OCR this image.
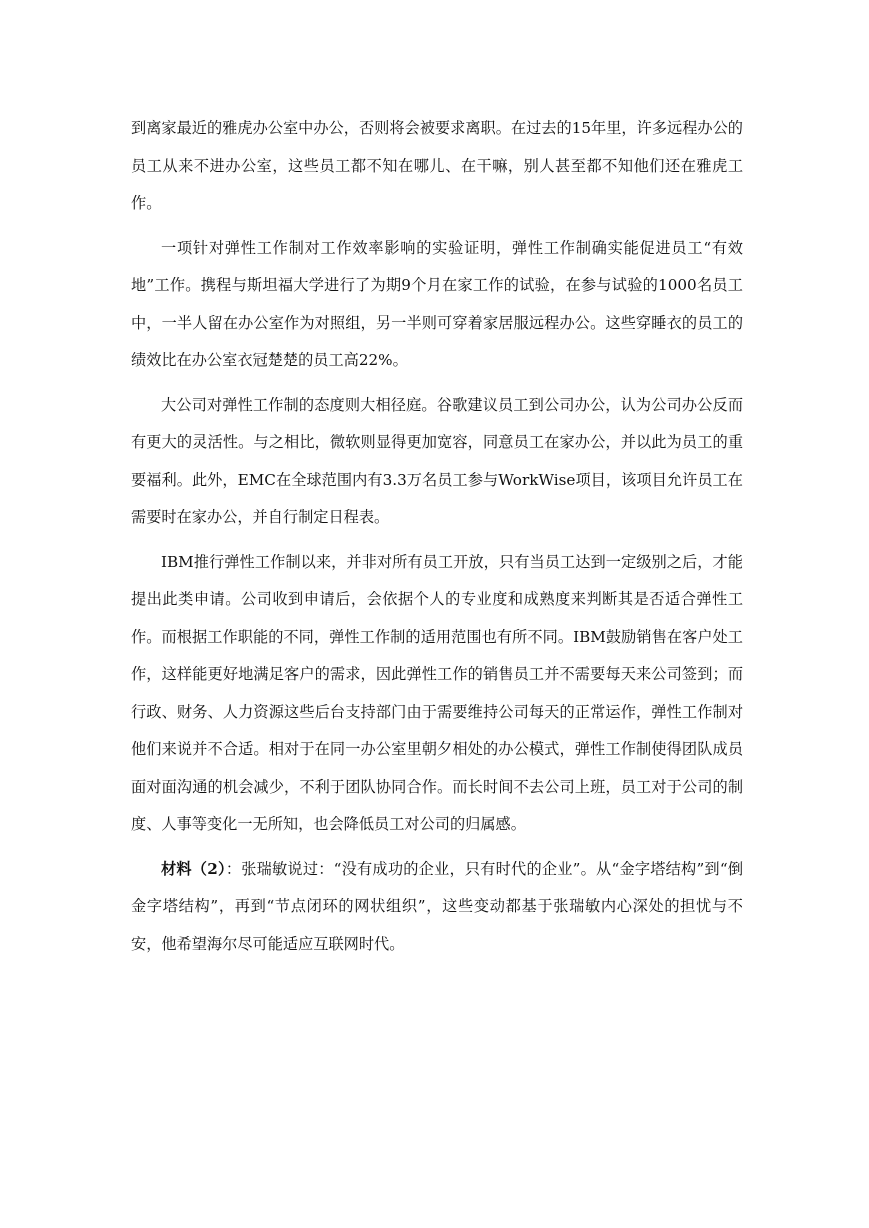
到离家最近的雅虎办公室中办公，否则将会被要求离职。在过去的15年里，许多远程办公的员工从来不进办公室，这些员工都不知在哪儿、在干嘛，别人甚至都不知他们还在雅虎工作。

一项针对弹性工作制对工作效率影响的实验证明，弹性工作制确实能促进员工“有效地”工作。携程与斯坦福大学进行了为期9个月在家工作的试验，在参与试验的1000名员工中，一半人留在办公室作为对照组，另一半则可穿着家居服远程办公。这些穿睡衣的员工的绩效比在办公室衣冠楚楚的员工高22%。

大公司对弹性工作制的态度则大相径庭。谷歌建议员工到公司办公，认为公司办公反而有更大的灵活性。与之相比，微软则显得更加宽容，同意员工在家办公，并以此为员工的重要福利。此外，EMC在全球范围内有3.3万名员工参与WorkWise项目，该项目允许员工在需要时在家办公，并自行制定日程表。

IBM推行弹性工作制以来，并非对所有员工开放，只有当员工达到一定级别之后，才能提出此类申请。公司收到申请后，会依据个人的专业度和成熟度来判断其是否适合弹性工作。而根据工作职能的不同，弹性工作制的适用范围也有所不同。IBM鼓励销售在客户处工作，这样能更好地满足客户的需求，因此弹性工作的销售员工并不需要每天来公司签到；而行政、财务、人力资源这些后台支持部门由于需要维持公司每天的正常运作，弹性工作制对他们来说并不合适。相对于在同一办公室里朝夕相处的办公模式，弹性工作制使得团队成员面对面沟通的机会减少，不利于团队协同合作。而长时间不去公司上班，员工对于公司的制度、人事等变化一无所知，也会降低员工对公司的归属感。

材料（2）：张瑞敏说过：“没有成功的企业，只有时代的企业”。从“金字塔结构”到“倒金字塔结构”，再到“节点闭环的网状组织”，这些变动都基于张瑞敏内心深处的担忧与不安，他希望海尔尽可能适应互联网时代。
